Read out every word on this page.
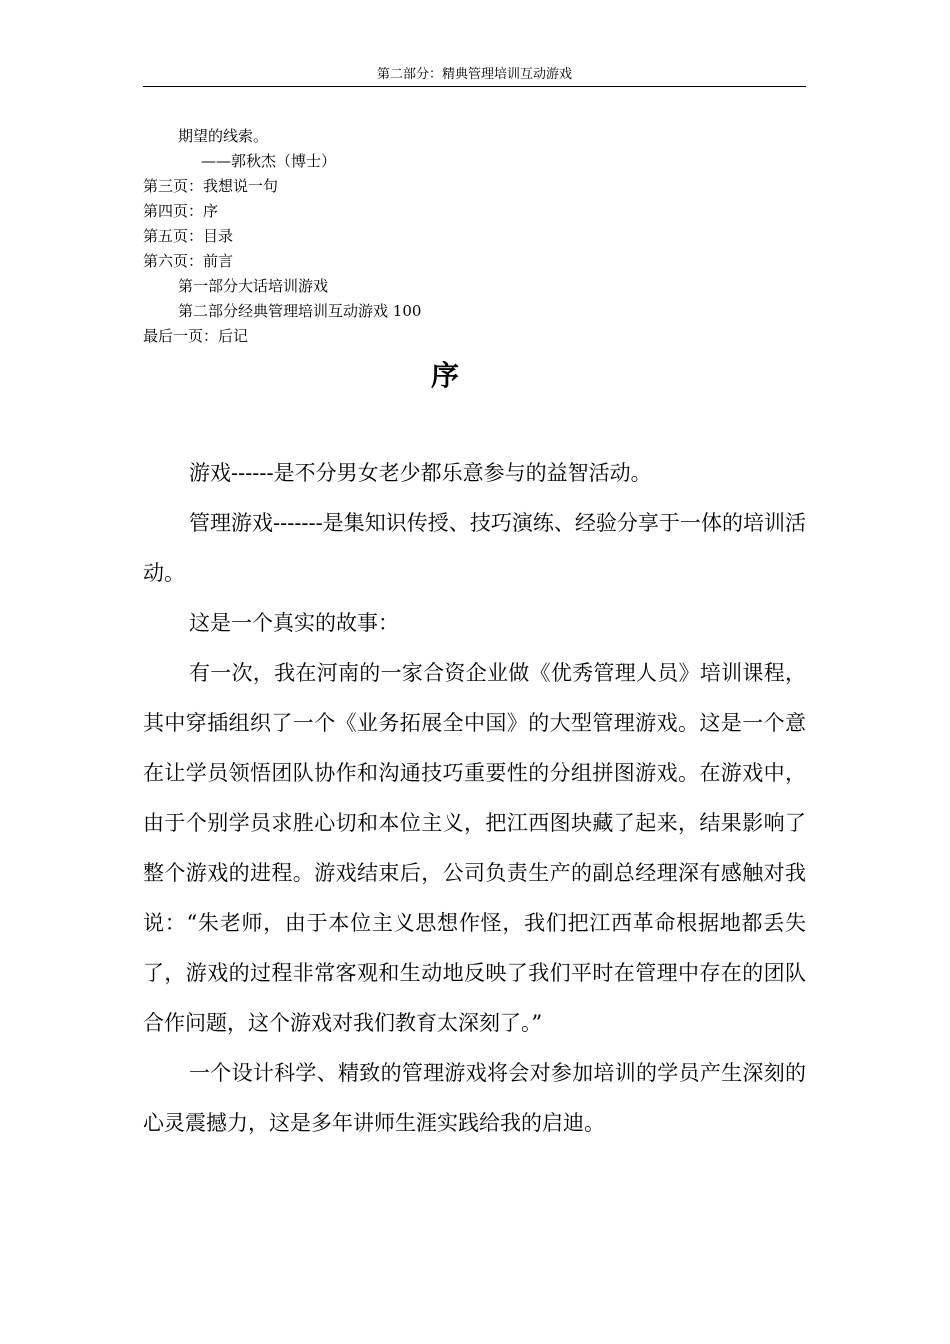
第二部分：精典管理培训互动游戏
期望的线索。
——郭秋杰（博士）
第三页：我想说一句
第四页：序
第五页：目录
第六页：前言
第一部分大话培训游戏
第二部分经典管理培训互动游戏 100
最后一页：后记
序

游戏------是不分男女老少都乐意参与的益智活动。

管理游戏-------是集知识传授、技巧演练、经验分享于一体的培训活动。

这是一个真实的故事：

有一次，我在河南的一家合资企业做《优秀管理人员》培训课程，其中穿插组织了一个《业务拓展全中国》的大型管理游戏。这是一个意在让学员领悟团队协作和沟通技巧重要性的分组拼图游戏。在游戏中，由于个别学员求胜心切和本位主义，把江西图块藏了起来，结果影响了整个游戏的进程。游戏结束后，公司负责生产的副总经理深有感触对我说：“朱老师，由于本位主义思想作怪，我们把江西革命根据地都丢失了，游戏的过程非常客观和生动地反映了我们平时在管理中存在的团队合作问题，这个游戏对我们教育太深刻了。”

一个设计科学、精致的管理游戏将会对参加培训的学员产生深刻的心灵震撼力，这是多年讲师生涯实践给我的启迪。
